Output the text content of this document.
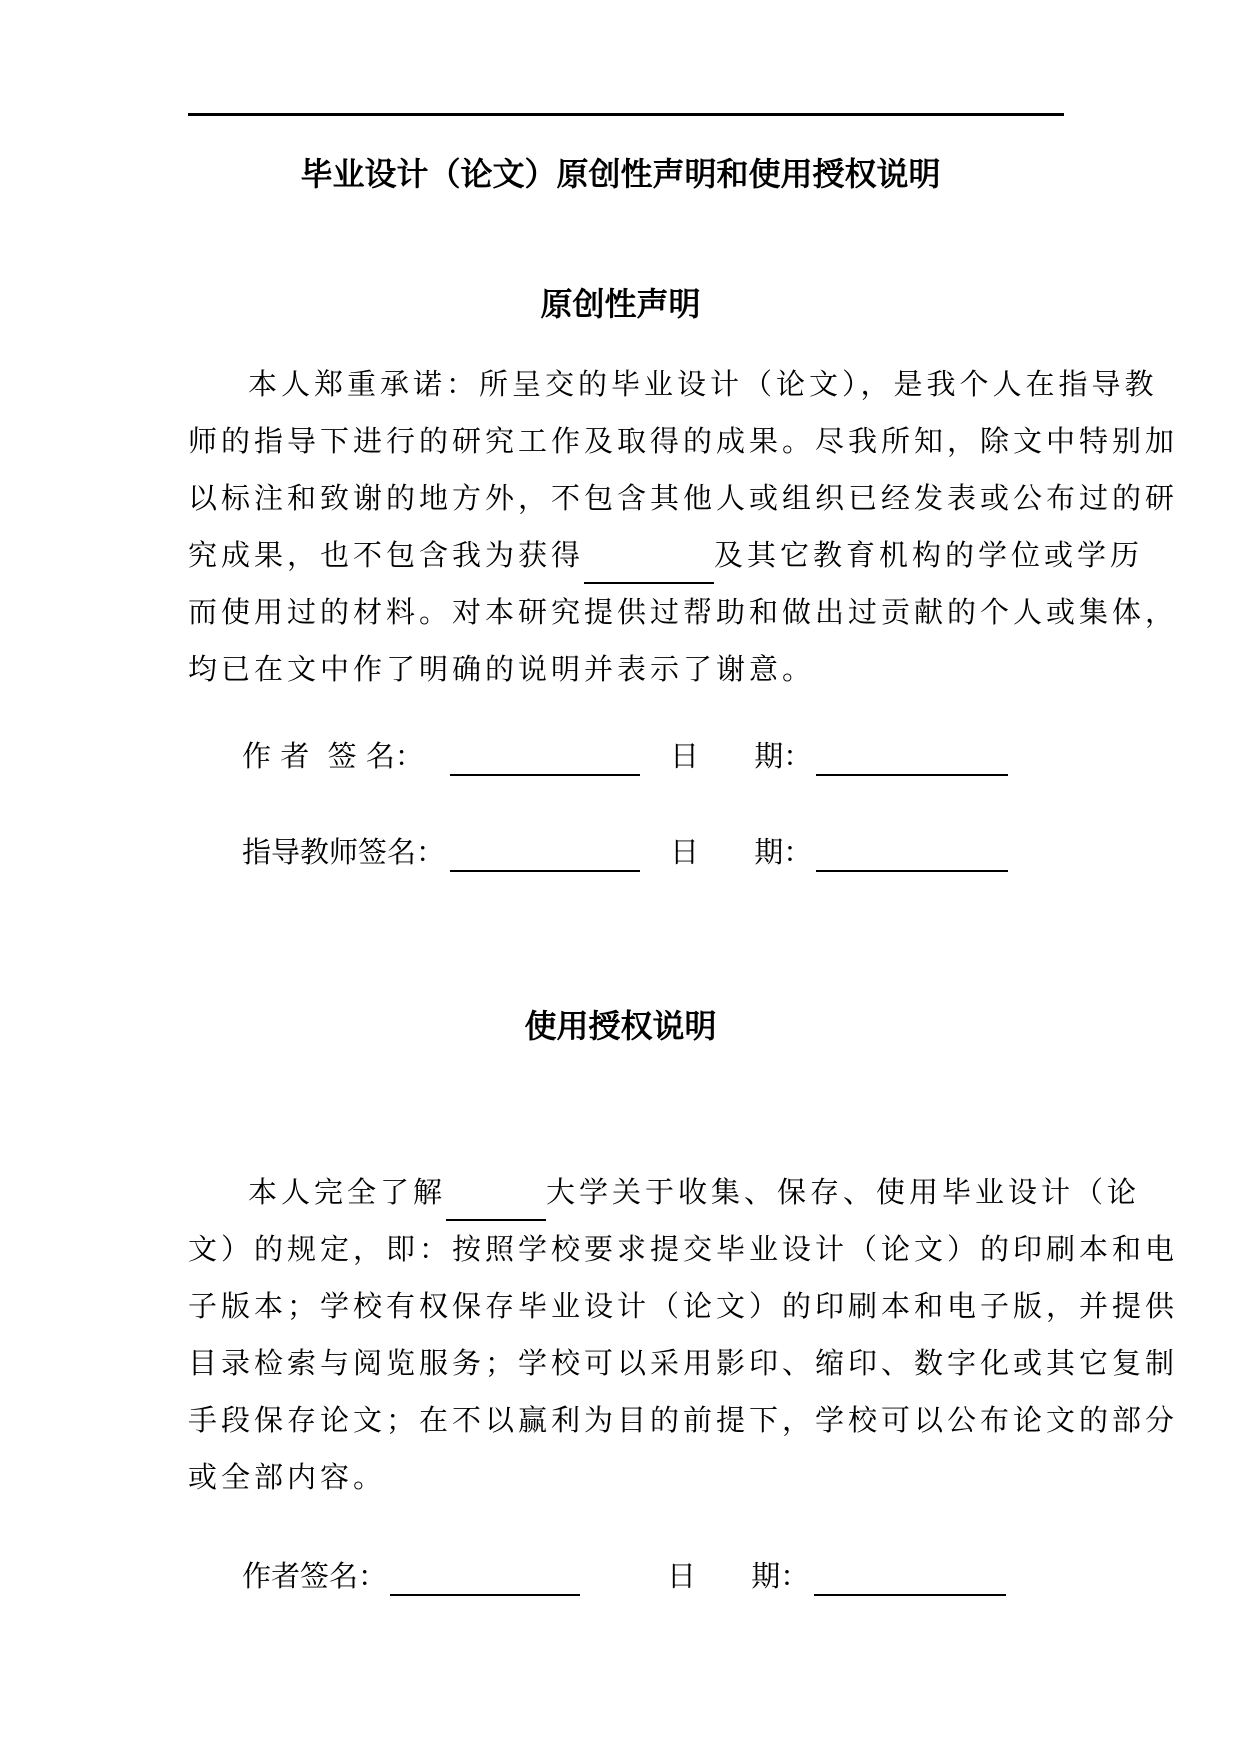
毕业设计（论文）原创性声明和使用授权说明
原创性声明

本人郑重承诺：所呈交的毕业设计（论文），是我个人在指导教
师的指导下进行的研究工作及取得的成果。尽我所知，除文中特别加
以标注和致谢的地方外，不包含其他人或组织已经发表或公布过的研
究成果，也不包含我为获得	及其它教育机构的学位或学历
而使用过的材料。对本研究提供过帮助和做出过贡献的个人或集体，
均已在文中作了明确的说明并表示了谢意。

作 者  签 名：	日      期：
指导教师签名：	日      期：
使用授权说明

本人完全了解	大学关于收集、保存、使用毕业设计（论
文）的规定，即：按照学校要求提交毕业设计（论文）的印刷本和电
子版本；学校有权保存毕业设计（论文）的印刷本和电子版，并提供
目录检索与阅览服务；学校可以采用影印、缩印、数字化或其它复制
手段保存论文；在不以赢利为目的前提下，学校可以公布论文的部分
或全部内容。

作者签名：	日      期：
